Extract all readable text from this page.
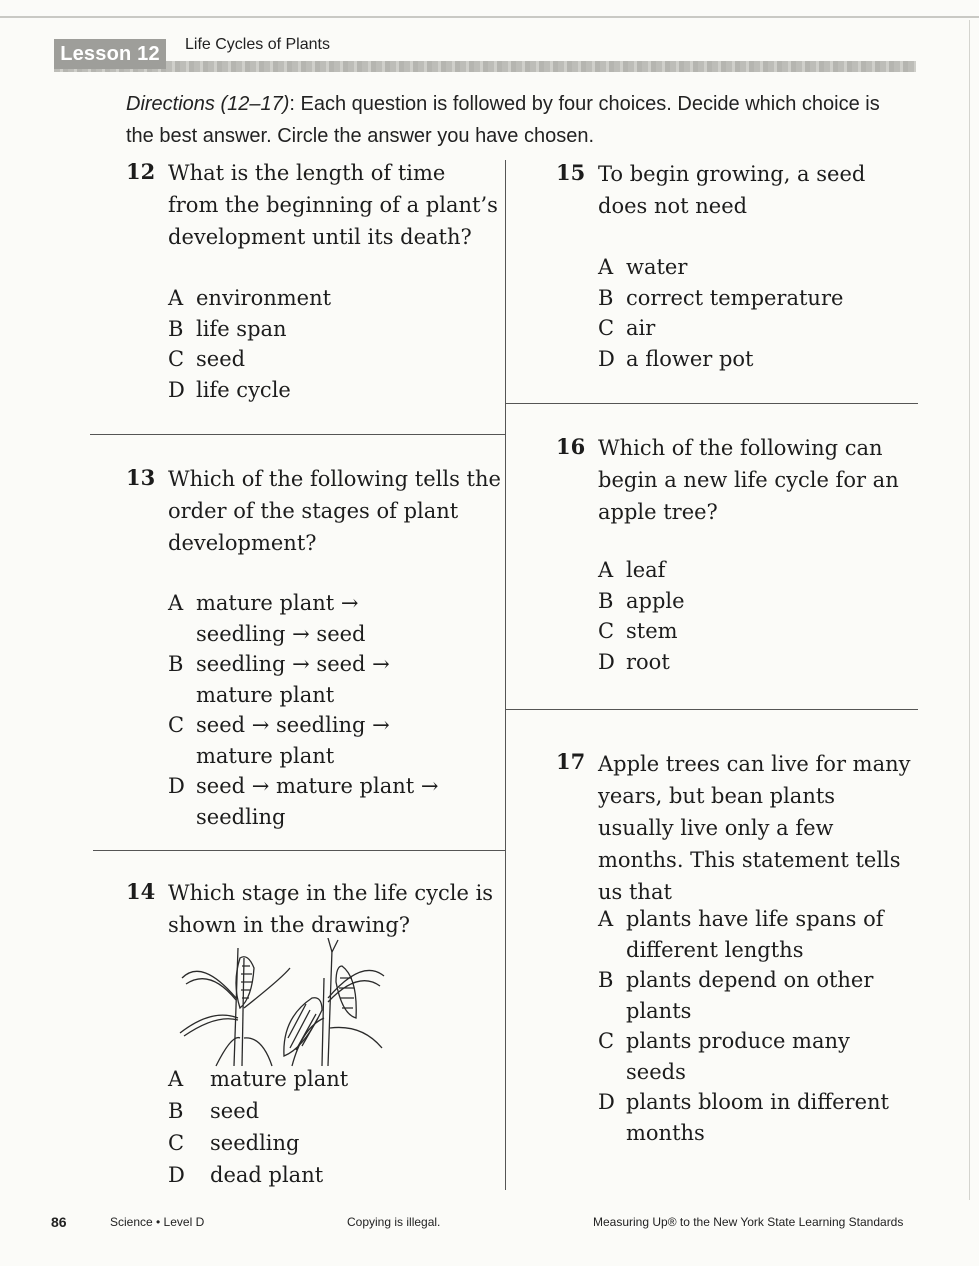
Lesson 12	Life Cycles of Plants
Directions (12–17): Each question is followed by four choices. Decide which choice is the best answer. Circle the answer you have chosen.
12 What is the length of time from the beginning of a plant’s development until its death?
A environment
B life span
C seed
D life cycle
13 Which of the following tells the order of the stages of plant development?
A mature plant → seedling → seed
B seedling → seed → mature plant
C seed → seedling → mature plant
D seed → mature plant → seedling
14 Which stage in the life cycle is shown in the drawing?
A	mature plant
B	seed
C	seedling
D	dead plant
15 To begin growing, a seed does not need
A water
B correct temperature
C air
D a flower pot
16 Which of the following can begin a new life cycle for an apple tree?
A leaf
B apple
C stem
D root
17 Apple trees can live for many years, but bean plants usually live only a few months. This statement tells us that
A plants have life spans of different lengths
B plants depend on other plants
C plants produce many seeds
D plants bloom in different months
86	Science • Level D	Copying is illegal.	Measuring Up® to the New York State Learning Standards
